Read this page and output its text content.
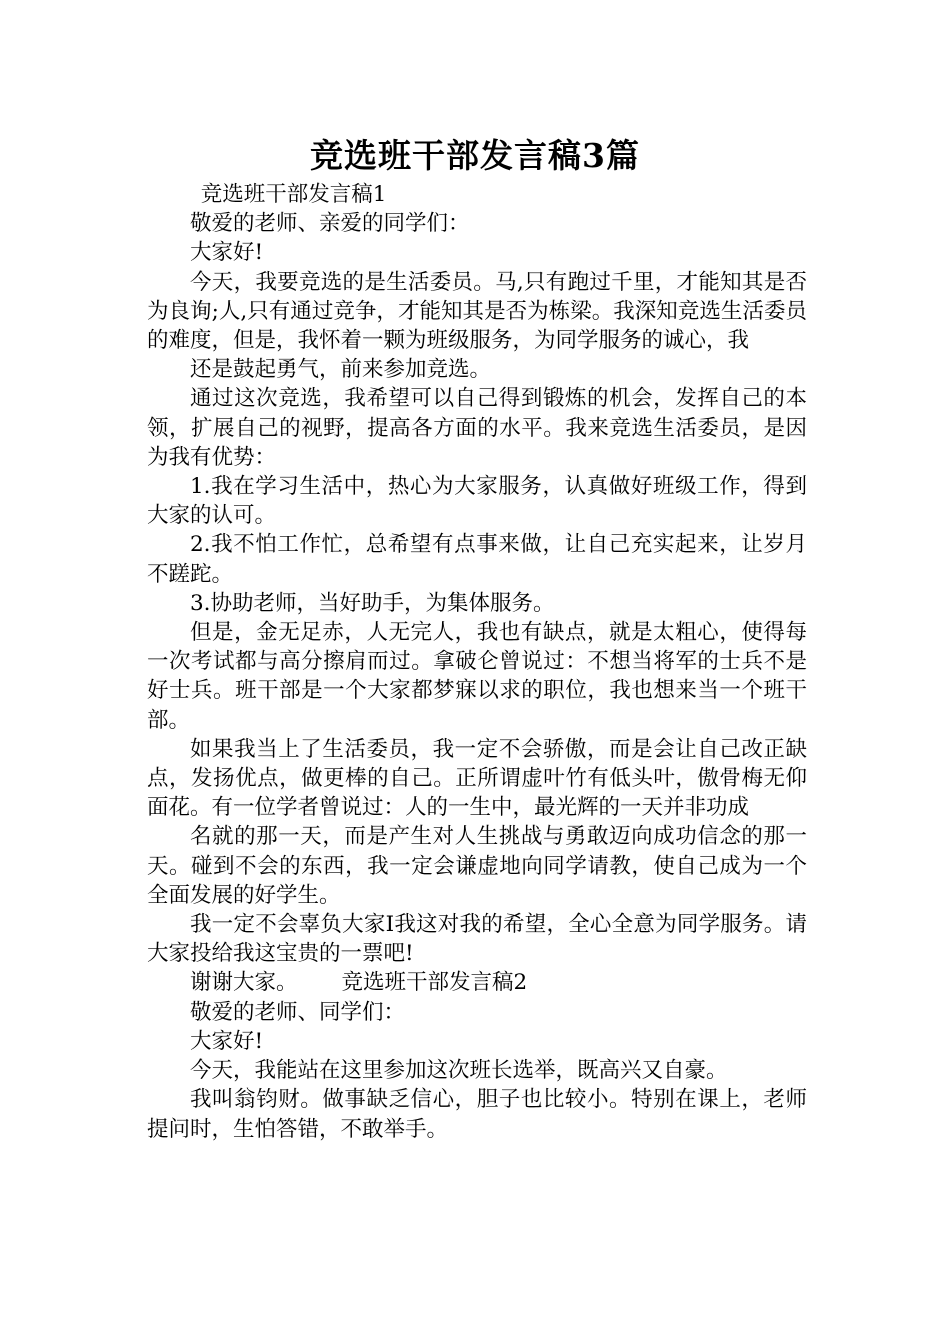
竞选班干部发言稿3篇

竞选班干部发言稿1

敬爱的老师、亲爱的同学们：

大家好!

今天，我要竞选的是生活委员。马,只有跑过千里，才能知其是否为良询;人,只有通过竞争，才能知其是否为栋梁。我深知竞选生活委员的难度，但是，我怀着一颗为班级服务，为同学服务的诚心，我

还是鼓起勇气，前来参加竞选。

通过这次竞选，我希望可以自己得到锻炼的机会，发挥自己的本领，扩展自己的视野，提高各方面的水平。我来竞选生活委员，是因为我有优势：

1.我在学习生活中，热心为大家服务，认真做好班级工作，得到大家的认可。

2.我不怕工作忙，总希望有点事来做，让自己充实起来，让岁月不蹉跎。

3.协助老师，当好助手，为集体服务。

但是，金无足赤，人无完人，我也有缺点，就是太粗心，使得每一次考试都与高分擦肩而过。拿破仑曾说过：不想当将军的士兵不是好士兵。班干部是一个大家都梦寐以求的职位，我也想来当一个班干部。

如果我当上了生活委员，我一定不会骄傲，而是会让自己改正缺点，发扬优点，做更棒的自己。正所谓虚叶竹有低头叶，傲骨梅无仰面花。有一位学者曾说过：人的一生中，最光辉的一天并非功成

名就的那一天，而是产生对人生挑战与勇敢迈向成功信念的那一天。碰到不会的东西，我一定会谦虚地向同学请教，使自己成为一个全面发展的好学生。

我一定不会辜负大家I我这对我的希望，全心全意为同学服务。请大家投给我这宝贵的一票吧!

谢谢大家。 竞选班干部发言稿2

敬爱的老师、同学们：

大家好!

今天，我能站在这里参加这次班长选举，既高兴又自豪。

我叫翁钧财。做事缺乏信心，胆子也比较小。特别在课上，老师提问时，生怕答错，不敢举手。
